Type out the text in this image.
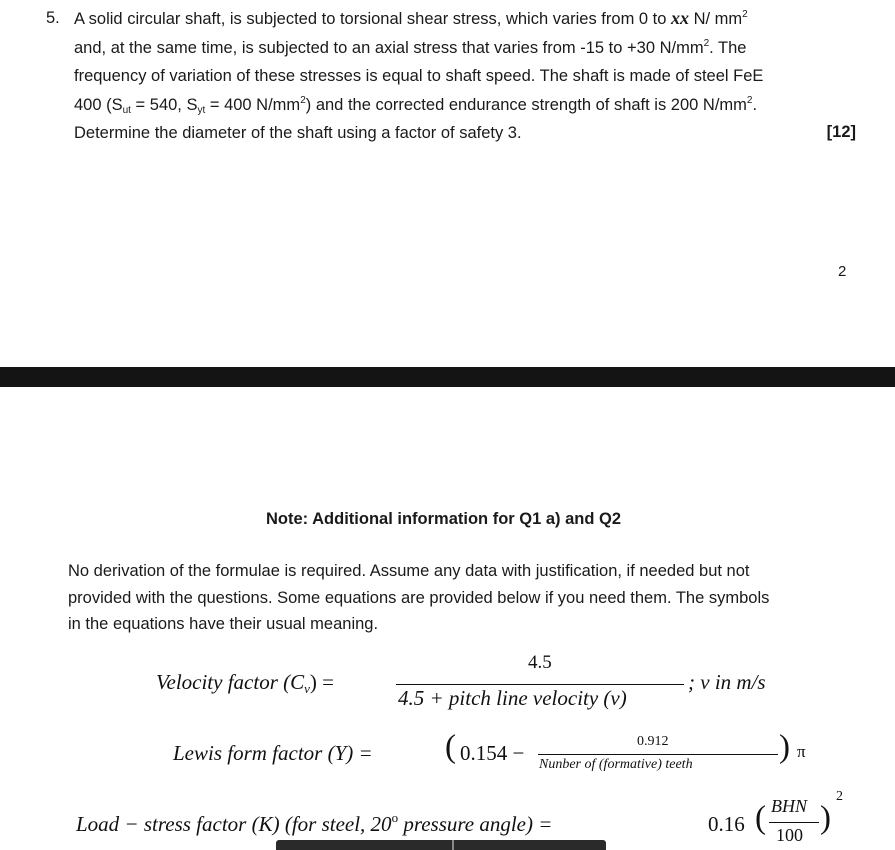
5. A solid circular shaft, is subjected to torsional shear stress, which varies from 0 to xx N/ $mm^2$
and, at the same time, is subjected to an axial stress that varies from -15 to +30 $N/mm^2$. The
frequency of variation of these stresses is equal to shaft speed. The shaft is made of steel FeE
400 ($S_{ut} = 540$, $S_{yt} = 400$ $N/mm^2$) and the corrected endurance strength of shaft is 200 $N/mm^2$.
Determine the diameter of the shaft using a factor of safety 3.	[12]
2
Note: Additional information for Q1 a) and Q2
No derivation of the formulae is required. Assume any data with justification, if needed but not
provided with the questions. Some equations are provided below if you need them. The symbols
in the equations have their usual meaning.
Velocity factor $(C_v)$ =
4.5
4.5 + pitch line velocity (v)
; v in m/s
Lewis form factor (Y) = ( 0.154 −	0.912
Nunber of (formative) teeth	) π
Load − stress factor (K) (for steel, 20$^o$ pressure angle) =	0.16 ( BHN
100 )
2
